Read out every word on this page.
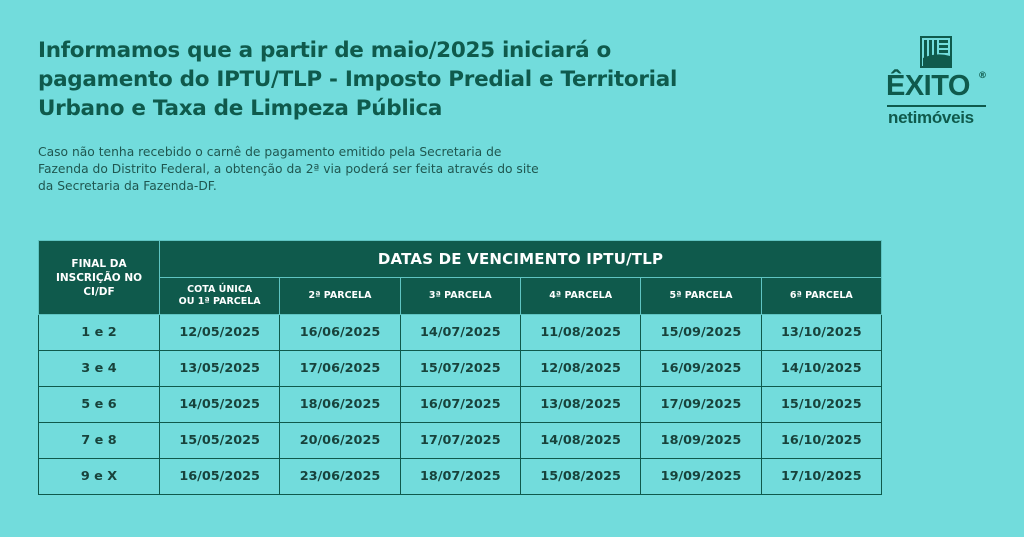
Informamos que a partir de maio/2025 iniciará o
pagamento do IPTU/TLP - Imposto Predial e Territorial
Urbano e Taxa de Limpeza Pública

Caso não tenha recebido o carnê de pagamento emitido pela Secretaria de
Fazenda do Distrito Federal, a obtenção da 2ª via poderá ser feita através do site
da Secretaria da Fazenda-DF.

ÊXITO ®
netimóveis
FINAL DA
INSCRIÇÃO NO
CI/DF	DATAS DE VENCIMENTO IPTU/TLP					

	COTA ÚNICA
OU 1ª PARCELA	2ª PARCELA	3ª PARCELA	4ª PARCELA	5ª PARCELA	6ª PARCELA
1 e 2	12/05/2025	16/06/2025	14/07/2025	11/08/2025	15/09/2025	13/10/2025
3 e 4	13/05/2025	17/06/2025	15/07/2025	12/08/2025	16/09/2025	14/10/2025
5 e 6	14/05/2025	18/06/2025	16/07/2025	13/08/2025	17/09/2025	15/10/2025
7 e 8	15/05/2025	20/06/2025	17/07/2025	14/08/2025	18/09/2025	16/10/2025
9 e X	16/05/2025	23/06/2025	18/07/2025	15/08/2025	19/09/2025	17/10/2025
